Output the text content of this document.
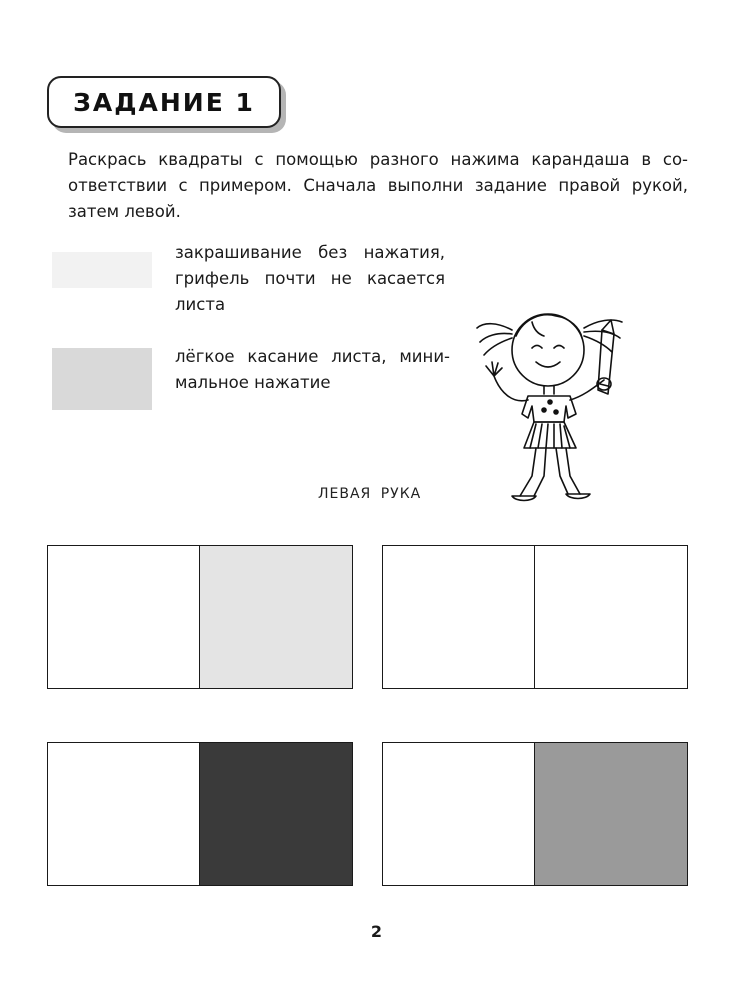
ЗАДАНИЕ 1
Раскрась квадраты с помощью разного нажима карандаша в со-
ответствии с примером. Сначала выполни задание правой рукой,
затем левой.
закрашивание без нажатия,
грифель почти не касается
листа
лёгкое касание листа, мини-
мальное нажатие
ЛЕВАЯ РУКА
2
